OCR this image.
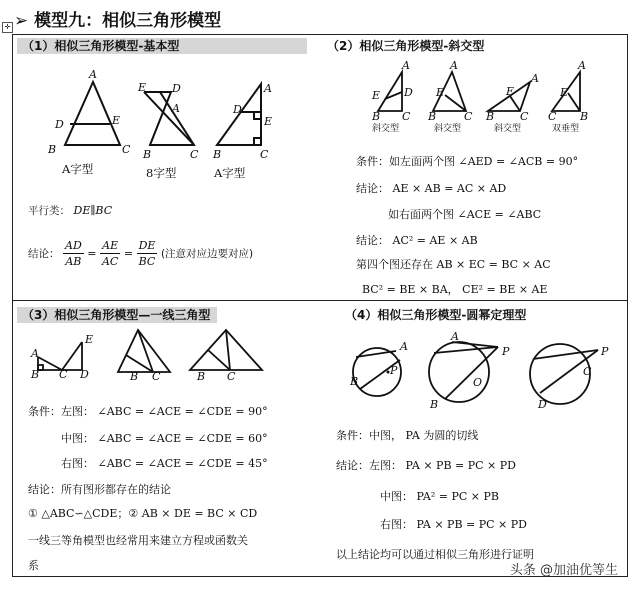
✛ ➢ 模型九：相似三角形模型
（1）相似三角形模型-基本型
A
D	E
B	C
D
E
A
B	C
A
D
E
B	C
A字型	8字型	A字型
平行类： DE∥BC
结论： $\frac{AD}{AB} = \frac{AE}{AC} = \frac{DE}{BC}$ (注意对应边要对应)
（2）相似三角形模型-斜交型
A
E D
B C
A
E
B	C
A
E
B C
A
E
C B
斜交型	斜交型	斜交型	双垂型
条件：如左面两个图 ∠AED = ∠ACB = 90°
结论： AE × AB = AC × AD
如右面两个图 ∠ACE = ∠ABC
结论： AC² = AE × AB
第四个图还存在 AB × EC = BC × AC
BC² = BE × BA， CE² = BE × AE
（3）相似三角形模型—一线三角型
A
B C D
E
B C	B C
条件：左图： ∠ABC = ∠ACE = ∠CDE = 90°
中图： ∠ABC = ∠ACE = ∠CDE = 60°
右图： ∠ABC = ∠ACE = ∠CDE = 45°
结论：所有图形都存在的结论
① △ABC∽△CDE；② AB × DE = BC × CD
一线三等角模型也经常用来建立方程或函数关
系
（4）相似三角形模型-圆幂定理型
A
P
B
A
P
B
O
P
C
D
条件：中图， PA 为圆的切线
结论：左图： PA × PB = PC × PD
中图： PA² = PC × PB
右图： PA × PB = PC × PD
以上结论均可以通过相似三角形进行证明
头条 @加油优等生
